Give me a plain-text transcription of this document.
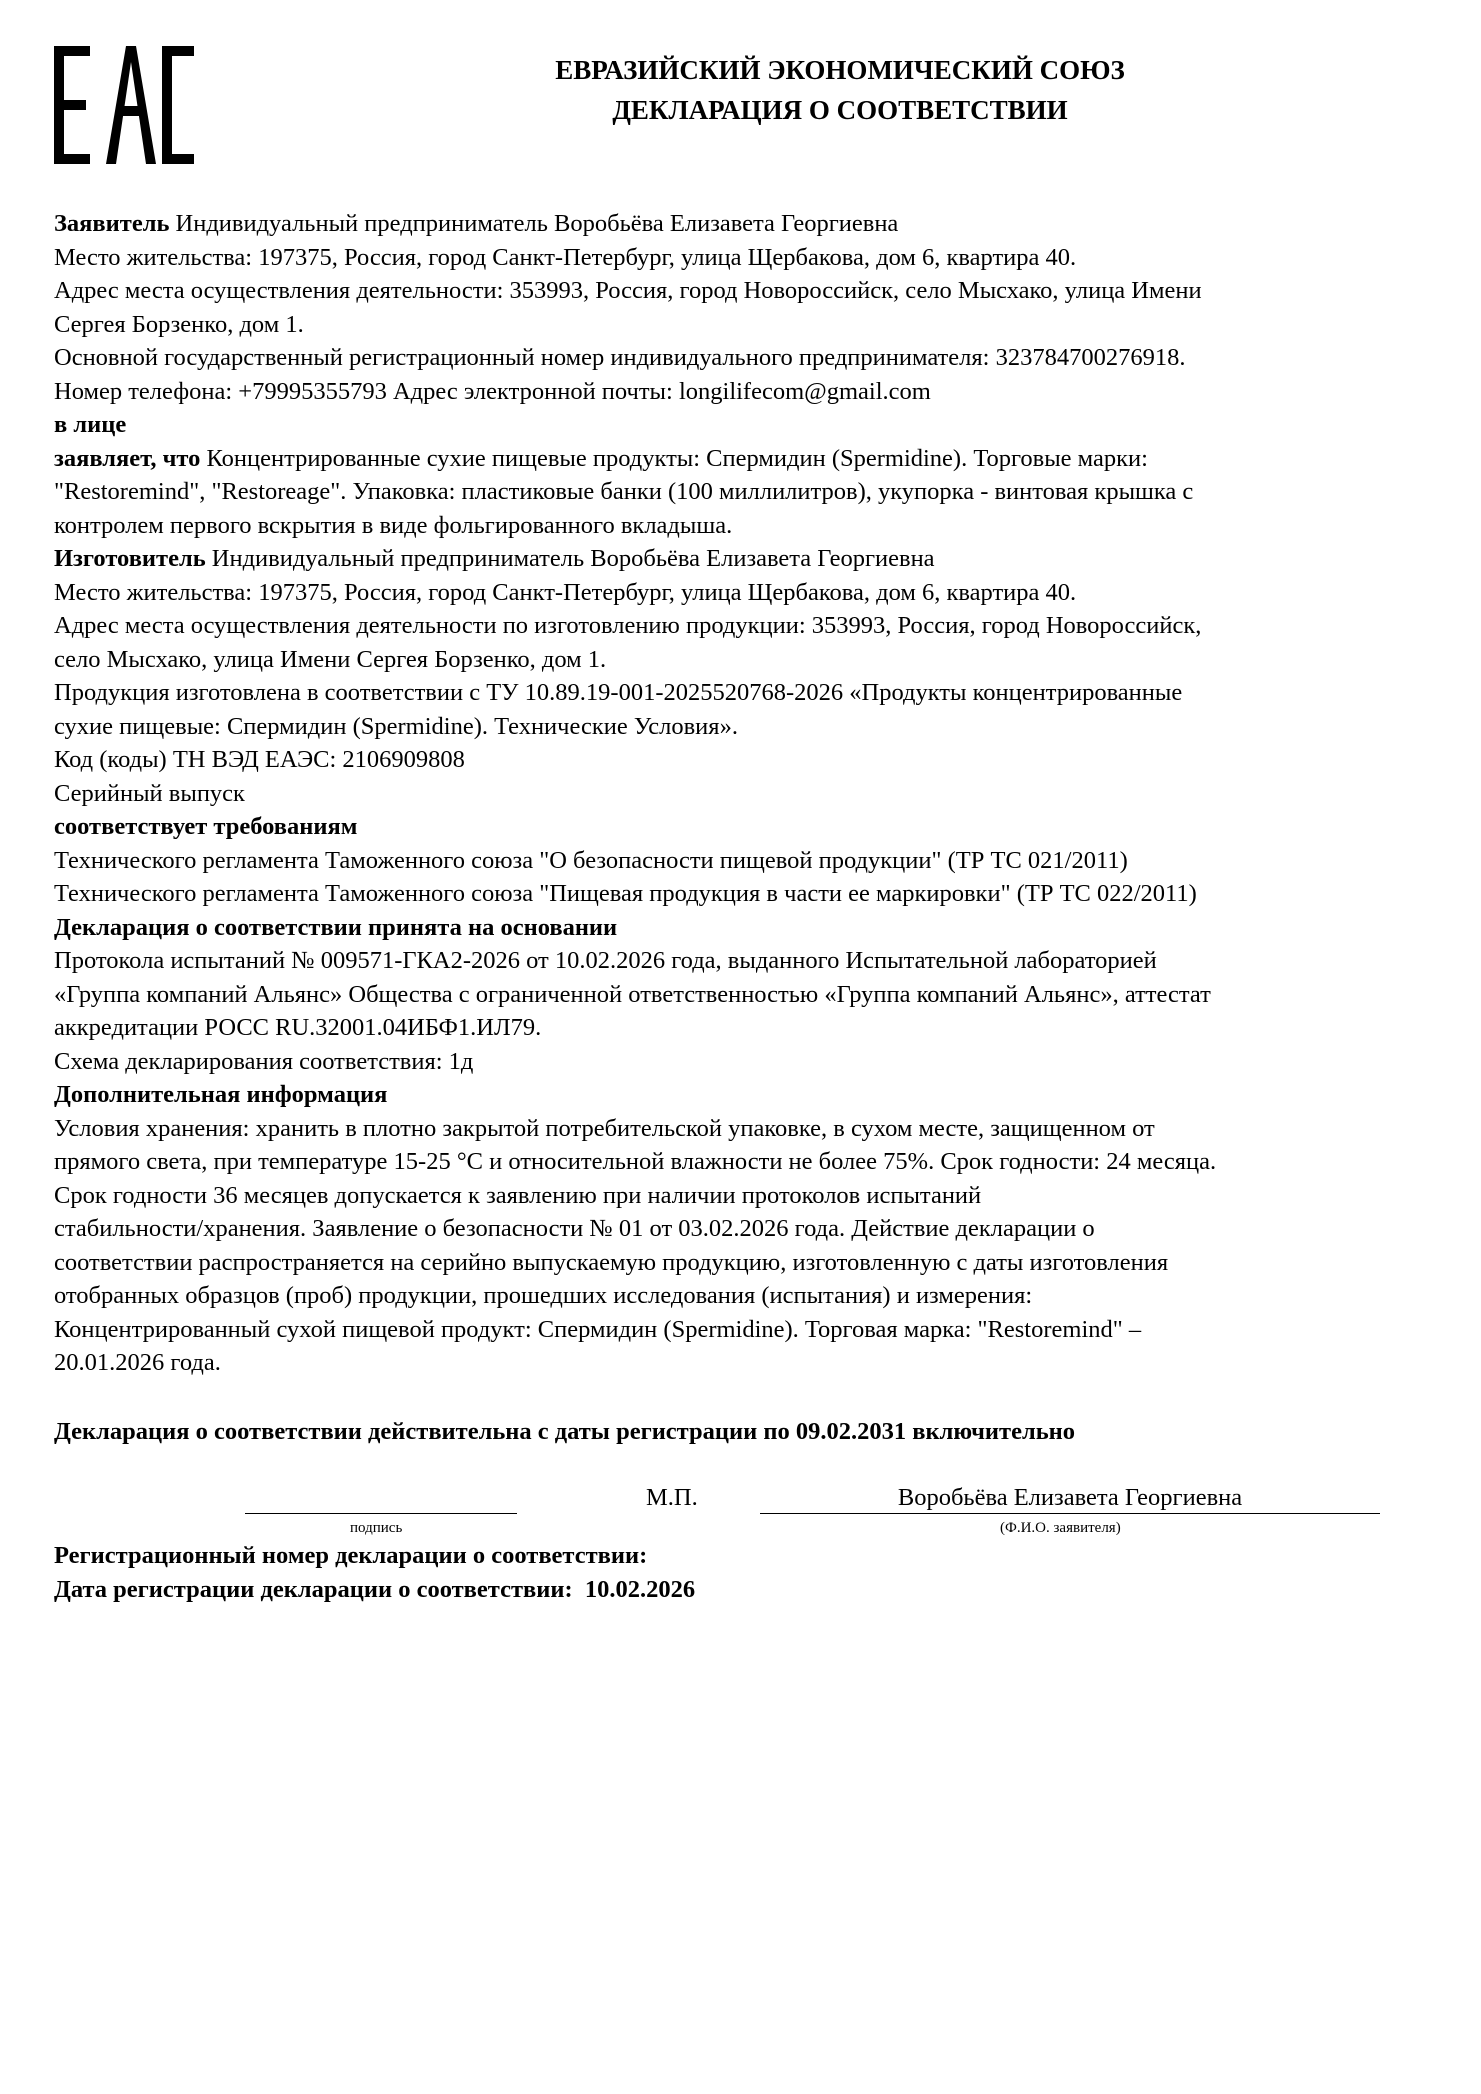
ЕВРАЗИЙСКИЙ ЭКОНОМИЧЕСКИЙ СОЮЗ
ДЕКЛАРАЦИЯ О СООТВЕТСТВИИ
Заявитель Индивидуальный предприниматель Воробьёва Елизавета Георгиевна
Место жительства: 197375, Россия, город Санкт-Петербург, улица Щербакова, дом 6, квартира 40.
Адрес места осуществления деятельности: 353993, Россия, город Новороссийск, село Мысхако, улица Имени
Сергея Борзенко, дом 1.
Основной государственный регистрационный номер индивидуального предпринимателя: 323784700276918.
Номер телефона: +79995355793 Адрес электронной почты: longilifecom@gmail.com
в лице
заявляет, что Концентрированные сухие пищевые продукты: Спермидин (Spermidine). Торговые марки:
"Restoremind", "Restoreage". Упаковка: пластиковые банки (100 миллилитров), укупорка - винтовая крышка с
контролем первого вскрытия в виде фольгированного вкладыша.
Изготовитель Индивидуальный предприниматель Воробьёва Елизавета Георгиевна
Место жительства: 197375, Россия, город Санкт-Петербург, улица Щербакова, дом 6, квартира 40.
Адрес места осуществления деятельности по изготовлению продукции: 353993, Россия, город Новороссийск,
село Мысхако, улица Имени Сергея Борзенко, дом 1.
Продукция изготовлена в соответствии с ТУ 10.89.19-001-2025520768-2026 «Продукты концентрированные
сухие пищевые: Спермидин (Spermidine). Технические Условия».
Код (коды) ТН ВЭД ЕАЭС: 2106909808
Серийный выпуск
соответствует требованиям
Технического регламента Таможенного союза "О безопасности пищевой продукции" (ТР ТС 021/2011)
Технического регламента Таможенного союза "Пищевая продукция в части ее маркировки" (ТР ТС 022/2011)
Декларация о соответствии принята на основании
Протокола испытаний № 009571-ГКА2-2026 от 10.02.2026 года, выданного Испытательной лабораторией
«Группа компаний Альянс» Общества с ограниченной ответственностью «Группа компаний Альянс», аттестат
аккредитации РОСС RU.32001.04ИБФ1.ИЛ79.
Схема декларирования соответствия: 1д
Дополнительная информация
Условия хранения: хранить в плотно закрытой потребительской упаковке, в сухом месте, защищенном от
прямого света, при температуре 15-25 °С и относительной влажности не более 75%. Срок годности: 24 месяца.
Срок годности 36 месяцев допускается к заявлению при наличии протоколов испытаний
стабильности/хранения. Заявление о безопасности № 01 от 03.02.2026 года. Действие декларации о
соответствии распространяется на серийно выпускаемую продукцию, изготовленную с даты изготовления
отобранных образцов (проб) продукции, прошедших исследования (испытания) и измерения:
Концентрированный сухой пищевой продукт: Спермидин (Spermidine). Торговая марка: "Restoremind" –
20.01.2026 года.
Декларация о соответствии действительна с даты регистрации по 09.02.2031 включительно
подпись
М.П.	Воробьёва Елизавета Георгиевна
(Ф.И.О. заявителя)
Регистрационный номер декларации о соответствии:
Дата регистрации декларации о соответствии: 10.02.2026
